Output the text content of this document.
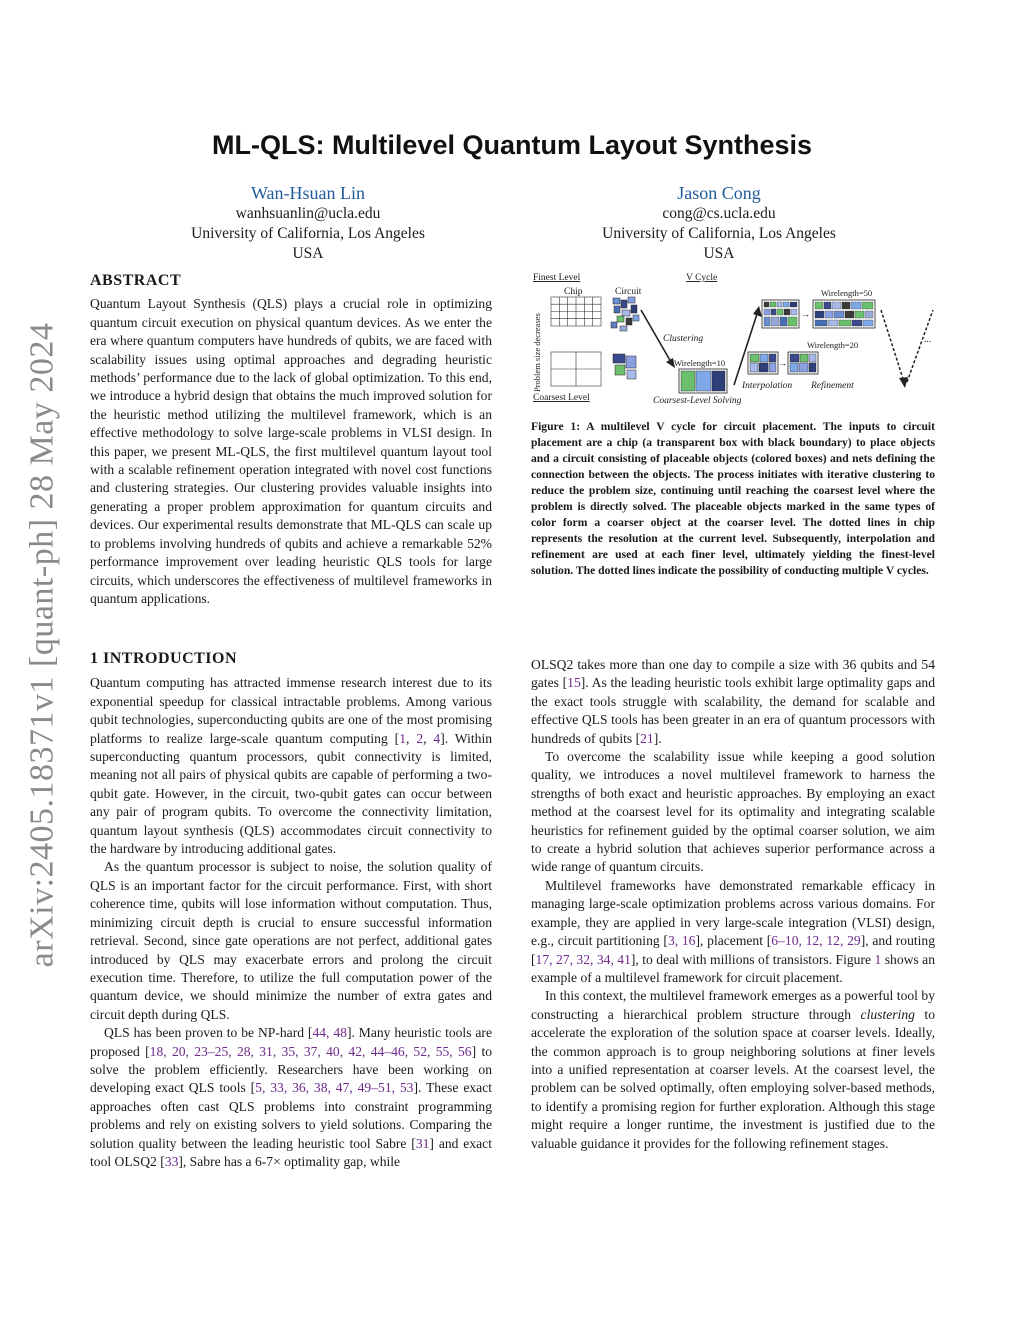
arXiv:2405.18371v1 [quant-ph] 28 May 2024
ML-QLS: Multilevel Quantum Layout Synthesis
Wan-Hsuan Lin
wanhsuanlin@ucla.edu
University of California, Los Angeles
USA
Jason Cong
cong@cs.ucla.edu
University of California, Los Angeles
USA
ABSTRACT

Quantum Layout Synthesis (QLS) plays a crucial role in optimizing quantum circuit execution on physical quantum devices. As we enter the era where quantum computers have hundreds of qubits, we are faced with scalability issues using optimal approaches and degrading heuristic methods’ performance due to the lack of global optimization. To this end, we introduce a hybrid design that obtains the much improved solution for the heuristic method utilizing the multilevel framework, which is an effective methodology to solve large-scale problems in VLSI design. In this paper, we present ML-QLS, the first multilevel quantum layout tool with a scalable refinement operation integrated with novel cost functions and clustering strategies. Our clustering provides valuable insights into generating a proper problem approximation for quantum circuits and devices. Our experimental results demonstrate that ML-QLS can scale up to problems involving hundreds of qubits and achieve a remarkable 52% performance improvement over leading heuristic QLS tools for large circuits, which underscores the effectiveness of multilevel frameworks in quantum applications.

1 INTRODUCTION

Quantum computing has attracted immense research interest due to its exponential speedup for classical intractable problems. Among various qubit technologies, superconducting qubits are one of the most promising platforms to realize large-scale quantum computing [1, 2, 4]. Within superconducting quantum processors, qubit connectivity is limited, meaning not all pairs of physical qubits are capable of performing a two-qubit gate. However, in the circuit, two-qubit gates can occur between any pair of program qubits. To overcome the connectivity limitation, quantum layout synthesis (QLS) accommodates circuit connectivity to the hardware by introducing additional gates.

As the quantum processor is subject to noise, the solution quality of QLS is an important factor for the circuit performance. First, with short coherence time, qubits will lose information without computation. Thus, minimizing circuit depth is crucial to ensure successful information retrieval. Second, since gate operations are not perfect, additional gates introduced by QLS may exacerbate errors and prolong the circuit execution time. Therefore, to utilize the full computation power of the quantum device, we should minimize the number of extra gates and circuit depth during QLS.

QLS has been proven to be NP-hard [44, 48]. Many heuristic tools are proposed [18, 20, 23–25, 28, 31, 35, 37, 40, 42, 44–46, 52, 55, 56] to solve the problem efficiently. Researchers have been working on developing exact QLS tools [5, 33, 36, 38, 47, 49–51, 53]. These exact approaches often cast QLS problems into constraint programming problems and rely on existing solvers to yield solutions. Comparing the solution quality between the leading heuristic tool Sabre [31] and exact tool OLSQ2 [33], Sabre has a 6-7× optimality gap, while

Finest Level	V Cycle
Chip	Circuit
Problem size decreases	Clustering
Coarsest Level
Wirelength=10
Coarsest-Level Solving
→
Wirelength=20
Interpolation Refinement
→
Wirelength=50
...
Figure 1: A multilevel V cycle for circuit placement. The inputs to circuit placement are a chip (a transparent box with black boundary) to place objects and a circuit consisting of placeable objects (colored boxes) and nets defining the connection between the objects. The process initiates with iterative clustering to reduce the problem size, continuing until reaching the coarsest level where the problem is directly solved. The placeable objects marked in the same types of color form a coarser object at the coarser level. The dotted lines in chip represents the resolution at the current level. Subsequently, interpolation and refinement are used at each finer level, ultimately yielding the finest-level solution. The dotted lines indicate the possibility of conducting multiple V cycles.

OLSQ2 takes more than one day to compile a size with 36 qubits and 54 gates [15]. As the leading heuristic tools exhibit large optimality gaps and the exact tools struggle with scalability, the demand for scalable and effective QLS tools has been greater in an era of quantum processors with hundreds of qubits [21].

To overcome the scalability issue while keeping a good solution quality, we introduces a novel multilevel framework to harness the strengths of both exact and heuristic approaches. By employing an exact method at the coarsest level for its optimality and integrating scalable heuristics for refinement guided by the optimal coarser solution, we aim to create a hybrid solution that achieves superior performance across a wide range of quantum circuits.

Multilevel frameworks have demonstrated remarkable efficacy in managing large-scale optimization problems across various domains. For example, they are applied in very large-scale integration (VLSI) design, e.g., circuit partitioning [3, 16], placement [6–10, 12, 12, 29], and routing [17, 27, 32, 34, 41], to deal with millions of transistors. Figure 1 shows an example of a multilevel framework for circuit placement.

In this context, the multilevel framework emerges as a powerful tool by constructing a hierarchical problem structure through clustering to accelerate the exploration of the solution space at coarser levels. Ideally, the common approach is to group neighboring solutions at finer levels into a unified representation at coarser levels. At the coarsest level, the problem can be solved optimally, often employing solver-based methods, to identify a promising region for further exploration. Although this stage might require a longer runtime, the investment is justified due to the valuable guidance it provides for the following refinement stages.
